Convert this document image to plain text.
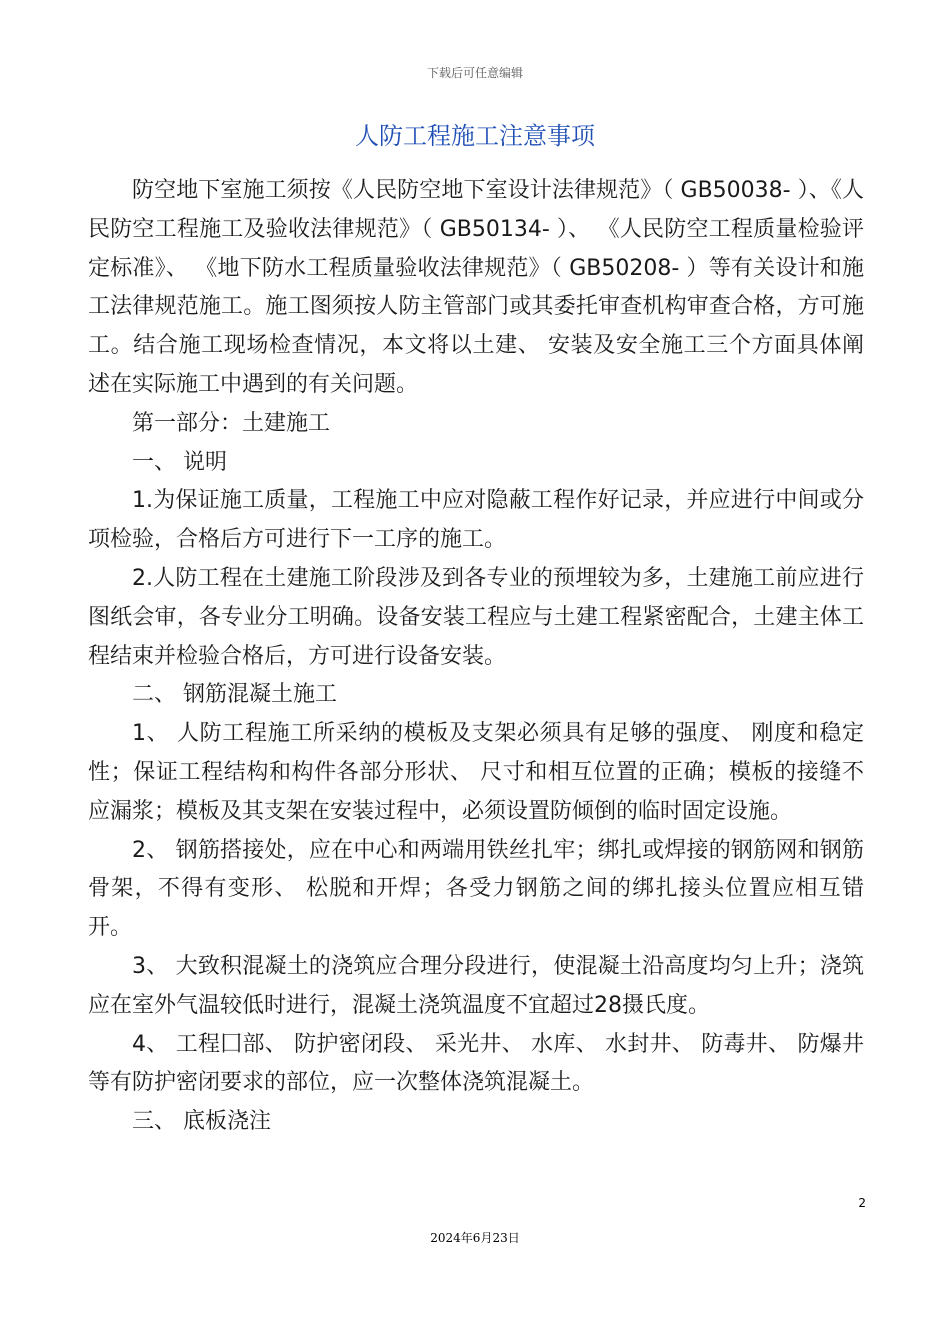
下载后可任意编辑
人防工程施工注意事项

防空地下室施工须按《人民防空地下室设计法律规范》（ GB50038- ）、《人民防空工程施工及验收法律规范》（ GB50134- ）、 《人民防空工程质量检验评定标准》、 《地下防水工程质量验收法律规范》（ GB50208- ）等有关设计和施工法律规范施工。施工图须按人防主管部门或其委托审查机构审查合格，方可施工。结合施工现场检查情况，本文将以土建、 安装及安全施工三个方面具体阐述在实际施工中遇到的有关问题。

第一部分：土建施工

一、 说明

1.为保证施工质量，工程施工中应对隐蔽工程作好记录，并应进行中间或分项检验，合格后方可进行下一工序的施工。

2.人防工程在土建施工阶段涉及到各专业的预埋较为多，土建施工前应进行图纸会审，各专业分工明确。设备安装工程应与土建工程紧密配合，土建主体工程结束并检验合格后，方可进行设备安装。

二、 钢筋混凝土施工

1、 人防工程施工所采纳的模板及支架必须具有足够的强度、 刚度和稳定性；保证工程结构和构件各部分形状、 尺寸和相互位置的正确；模板的接缝不应漏浆；模板及其支架在安装过程中，必须设置防倾倒的临时固定设施。

2、 钢筋搭接处，应在中心和两端用铁丝扎牢；绑扎或焊接的钢筋网和钢筋骨架，不得有变形、 松脱和开焊；各受力钢筋之间的绑扎接头位置应相互错开。

3、 大致积混凝土的浇筑应合理分段进行，使混凝土沿高度均匀上升；浇筑应在室外气温较低时进行，混凝土浇筑温度不宜超过28摄氏度。

4、 工程囗部、 防护密闭段、 采光井、 水库、 水封井、 防毒井、 防爆井等有防护密闭要求的部位，应一次整体浇筑混凝土。

三、 底板浇注

2
2024年6月23日
